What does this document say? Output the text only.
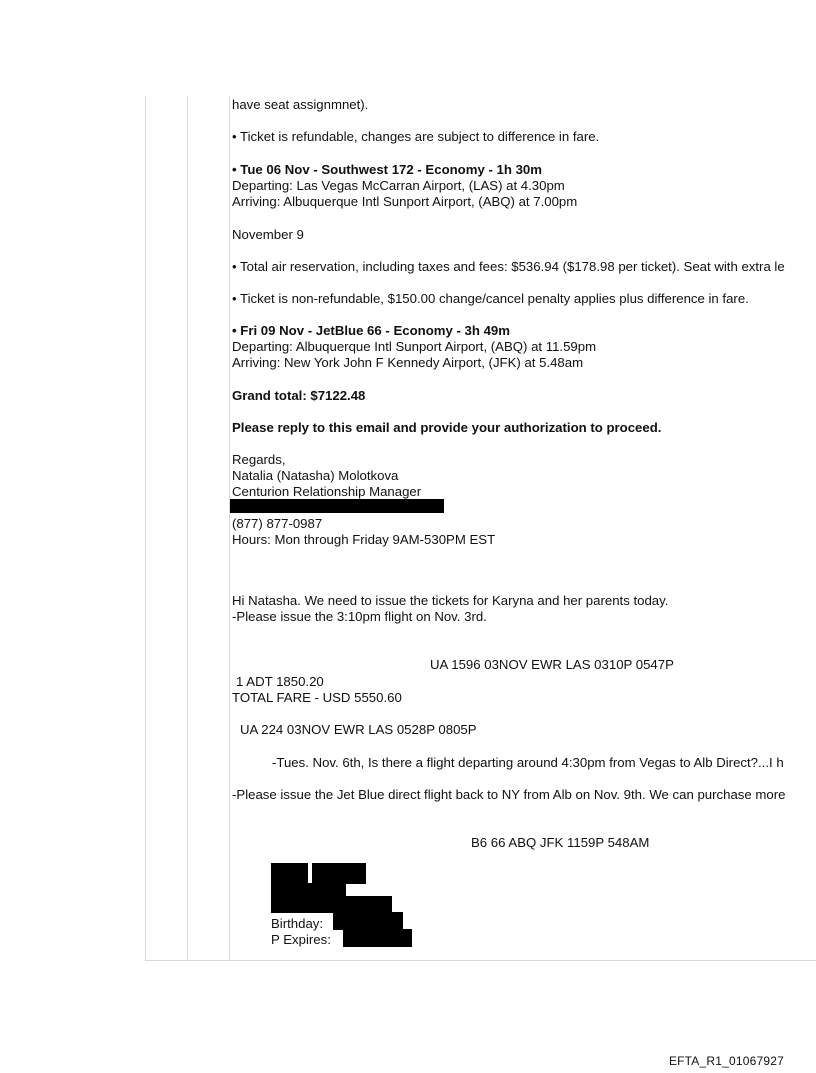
have seat assignmnet).
• Ticket is refundable, changes are subject to difference in fare.
• Tue 06 Nov - Southwest 172 - Economy - 1h 30m
Departing: Las Vegas McCarran Airport, (LAS) at 4.30pm
Arriving: Albuquerque Intl Sunport Airport, (ABQ) at 7.00pm
November 9
• Total air reservation, including taxes and fees: $536.94 ($178.98 per ticket). Seat with extra le
• Ticket is non-refundable, $150.00 change/cancel penalty applies plus difference in fare.
• Fri 09 Nov - JetBlue 66 - Economy - 3h 49m
Departing: Albuquerque Intl Sunport Airport, (ABQ) at 11.59pm
Arriving: New York John F Kennedy Airport, (JFK) at 5.48am
Grand total: $7122.48
Please reply to this email and provide your authorization to proceed.
Regards,
Natalia (Natasha) Molotkova
Centurion Relationship Manager
(877) 877-0987
Hours: Mon through Friday 9AM-530PM EST
Hi Natasha. We need to issue the tickets for Karyna and her parents today.
-Please issue the 3:10pm flight on Nov. 3rd.
UA 1596 03NOV EWR LAS 0310P 0547P
1 ADT 1850.20
TOTAL FARE - USD 5550.60
UA 224 03NOV EWR LAS 0528P 0805P
-Tues. Nov. 6th, Is there a flight departing around 4:30pm from Vegas to Alb Direct?...I h
-Please issue the Jet Blue direct flight back to NY from Alb on Nov. 9th. We can purchase more
B6 66 ABQ JFK 1159P 548AM
Birthday:
P Expires:
EFTA_R1_01067927
